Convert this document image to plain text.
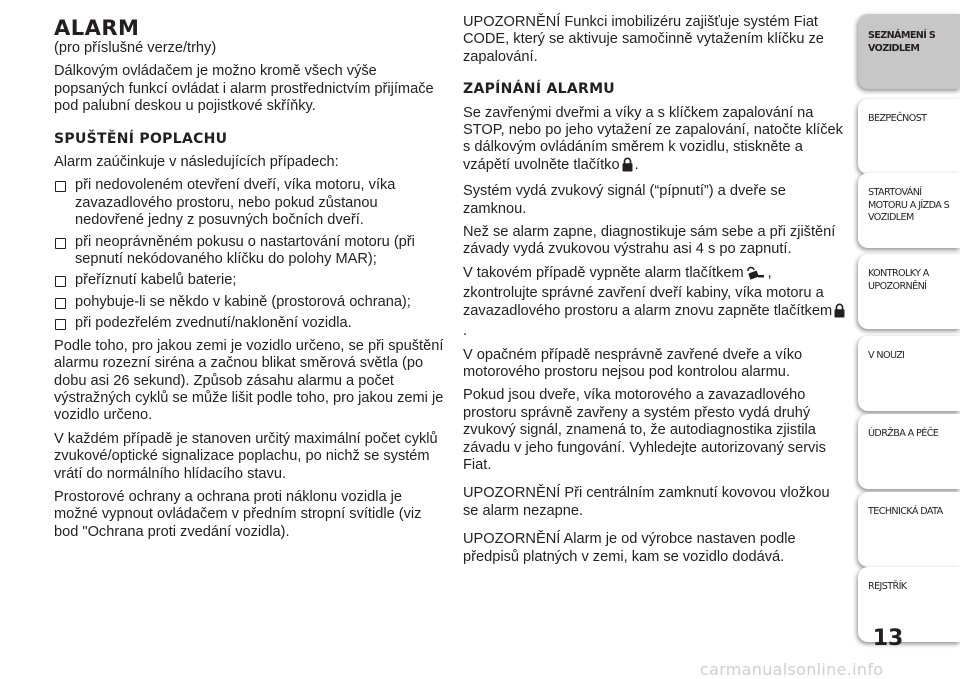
ALARM

(pro příslušné verze/trhy)

Dálkovým ovládačem je možno kromě všech výše popsaných funkcí ovládat i alarm prostřednictvím přijímače pod palubní deskou u pojistkové skříňky.

SPUŠTĚNÍ POPLACHU

Alarm zaúčinkuje v následujících případech:

při nedovoleném otevření dveří, víka motoru, víka zavazadlového prostoru, nebo pokud zůstanou nedovřené jedny z posuvných bočních dveří.
při neoprávněném pokusu o nastartování motoru (při sepnutí nekódovaného klíčku do polohy MAR);
přeříznutí kabelů baterie;
pohybuje-li se někdo v kabině (prostorová ochrana);
při podezřelém zvednutí/naklonění vozidla.

Podle toho, pro jakou zemi je vozidlo určeno, se při spuštění alarmu rozezní siréna a začnou blikat směrová světla (po dobu asi 26 sekund). Způsob zásahu alarmu a počet výstražných cyklů se může lišit podle toho, pro jakou zemi je vozidlo určeno.

V každém případě je stanoven určitý maximální počet cyklů zvukové/optické signalizace poplachu, po nichž se systém vrátí do normálního hlídacího stavu.

Prostorové ochrany a ochrana proti náklonu vozidla je možné vypnout ovládačem v předním stropní svítidle (viz bod "Ochrana proti zvedání vozidla).

UPOZORNĚNÍ Funkci imobilizéru zajišťuje systém Fiat CODE, který se aktivuje samočinně vytažením klíčku ze zapalování.

ZAPÍNÁNÍ ALARMU

Se zavřenými dveřmi a víky a s klíčkem zapalování na STOP, nebo po jeho vytažení ze zapalování, natočte klíček s dálkovým ovládáním směrem k vozidlu, stiskněte a vzápětí uvolněte tlačítko .

Systém vydá zvukový signál (“pípnutí”) a dveře se zamknou.

Než se alarm zapne, diagnostikuje sám sebe a při zjištění závady vydá zvukovou výstrahu asi 4 s po zapnutí.

V takovém případě vypněte alarm tlačítkem , zkontrolujte správné zavření dveří kabiny, víka motoru a zavazadlového prostoru a alarm znovu zapněte tlačítkem.

V opačném případě nesprávně zavřené dveře a víko motorového prostoru nejsou pod kontrolou alarmu.

Pokud jsou dveře, víka motorového a zavazadlového prostoru správně zavřeny a systém přesto vydá druhý zvukový signál, znamená to, že autodiagnostika zjistila závadu v jeho fungování. Vyhledejte autorizovaný servis Fiat.

UPOZORNĚNÍ Při centrálním zamknutí kovovou vložkou se alarm nezapne.

UPOZORNĚNÍ Alarm je od výrobce nastaven podle předpisů platných v zemi, kam se vozidlo dodává.

SEZNÁMENÍ S VOZIDLEM
BEZPEČNOST
STARTOVÁNÍ MOTORU A JÍZDA S VOZIDLEM
KONTROLKY A UPOZORNĚNÍ
V NOUZI
ÚDRŽBA A PÉČE
TECHNICKÁ DATA
REJSTŘÍK
13
carmanualsonline.info
